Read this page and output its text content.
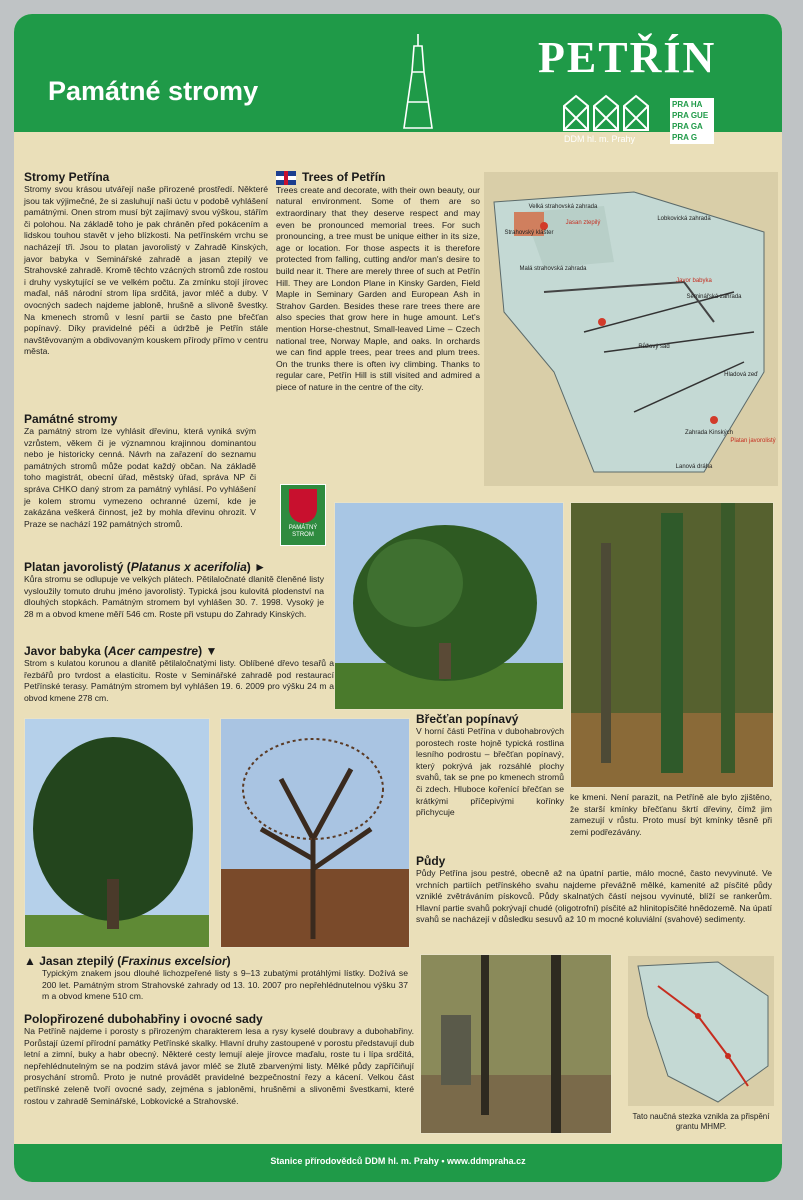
Památné stromy
PETŘÍN
DDM hl. m. Prahy
PRA HA
PRA GUE
PRA GA
PRA G
Stromy Petřína

Stromy svou krásou utvářejí naše přirozené prostředí. Některé jsou tak výjimečné, že si zasluhují naši úctu v podobě vyhlášení památnými. Onen strom musí být zajímavý svou výškou, stářím či polohou. Na základě toho je pak chráněn před pokácením a lidskou touhou stavět v jeho blízkosti. Na petřínském vrchu se nacházejí tři. Jsou to platan javorolistý v Zahradě Kinských, javor babyka v Seminářské zahradě a jasan ztepilý ve Strahovské zahradě. Kromě těchto vzácných stromů zde rostou i druhy vyskytující se ve velkém počtu. Za zmínku stojí jírovec maďal, náš národní strom lípa srdčitá, javor mléč a duby. V ovocných sadech najdeme jabloně, hrušně a slivoně švestky. Na kmenech stromů v lesní partii se často pne břečťan popínavý. Díky pravidelné péči a údržbě je Petřín stále navštěvovaným a obdivovaným kouskem přírody přímo v centru města.

Památné stromy

Za památný strom lze vyhlásit dřevinu, která vyniká svým vzrůstem, věkem či je významnou krajinnou dominantou nebo je historicky cenná. Návrh na zařazení do seznamu památných stromů může podat každý občan. Na základě toho magistrát, obecní úřad, městský úřad, správa NP či správa CHKO daný strom za památný vyhlásí. Po vyhlášení je kolem stromu vymezeno ochranné území, kde je zakázána veškerá činnost, jež by mohla dřevinu ohrozit. V Praze se nachází 192 památných stromů.	PAMÁTNÝ STROM
Trees of Petřín

Trees create and decorate, with their own beauty, our natural environment. Some of them are so extraordinary that they deserve respect and may even be pronounced memorial trees. For such pronouncing, a tree must be unique either in its size, age or location. For those aspects it is therefore protected from falling, cutting and/or man's desire to build near it. There are merely three of such at Petřín Hill. They are London Plane in Kinsky Garden, Field Maple in Seminary Garden and European Ash in Strahov Garden. Besides these rare trees there are also species that grow here in huge amount. Let's mention Horse-chestnut, Small-leaved Lime – Czech national tree, Norway Maple, and oaks. In orchards we can find apple trees, pear trees and plum trees. On the trunks there is often ivy climbing. Thanks to regular care, Petřín Hill is still visited and admired a piece of nature in the centre of the city.

Velká strahovská zahrada
Strahovský klášter
Lobkovická zahrada
Malá strahovská zahrada
Jasan ztepilý
Javor babyka
Seminářská zahrada
Růžový sad
Zahrada Kinských
Platan javorolistý
Hladová zeď
Lanová dráha
Tato naučná stezka vznikla za přispění grantu MHMP.
Platan javorolistý (Platanus x acerifolia) ►

Kůra stromu se odlupuje ve velkých plátech. Pětilaločnaté dlanitě členěné listy vysloužily tomuto druhu jméno javorolistý. Typická jsou kulovitá plodenství na dlouhých stopkách. Památným stromem byl vyhlášen 30. 7. 1998. Vysoký je 28 m a obvod kmene měří 546 cm. Roste při vstupu do Zahrady Kinských.

Javor babyka (Acer campestre) ▼

Strom s kulatou korunou a dlanitě pětilaločnatými listy. Oblíbené dřevo tesařů a řezbářů pro tvrdost a elasticitu. Roste v Seminářské zahradě pod restaurací Petřínské terasy. Památným stromem byl vyhlášen 19. 6. 2009 pro výšku 24 m a obvod kmene 278 cm.

Břečťan popínavý

V horní části Petřína v dubohabrových porostech roste hojně typická rostlina lesního podrostu – břečťan popínavý, který pokrývá jak rozsáhlé plochy svahů, tak se pne po kmenech stromů či zdech. Hluboce kořenící břečťan se krátkými příčepivými kořínky přichycuje

ke kmeni. Není parazit, na Petříně ale bylo zjištěno, že starší kmínky břečťanu škrtí dřeviny, čímž jim zamezují v růstu. Proto musí být kmínky těsně při zemi podřezávány.

Půdy

Půdy Petřína jsou pestré, obecně až na úpatní partie, málo mocné, často nevyvinuté. Ve vrchních partiích petřínského svahu najdeme převážně mělké, kamenité až písčité půdy vzniklé zvětráváním pískovců. Půdy skalnatých částí nejsou vyvinuté, blíží se rankerům. Hlavní partie svahů pokrývají chudé (oligotrofní) písčité až hlinitopísčité hnědozemě. Na úpatí svahů se nacházejí v důsledku sesuvů až 10 m mocné koluviální (svahové) sedimenty.

▲ Jasan ztepilý (Fraxinus excelsior)

Typickým znakem jsou dlouhé lichozpeřené listy s 9–13 zubatými protáhlými lístky. Dožívá se 200 let. Památným strom Strahovské zahrady od 13. 10. 2007 pro nepřehlédnutelnou výšku 37 m a obvod kmene 510 cm.

Polopřirozené dubohabřiny i ovocné sady

Na Petříně najdeme i porosty s přirozeným charakterem lesa a rysy kyselé doubravy a dubohabřiny. Porůstají území přírodní památky Petřínské skalky. Hlavní druhy zastoupené v porostu představují dub letní a zimní, buky a habr obecný. Některé cesty lemují aleje jírovce maďalu, roste tu i lípa srdčitá, nepřehlédnutelným se na podzim stává javor mléč se žlutě zbarvenými listy. Mělké půdy zapříčiňují prosychání stromů. Proto je nutné provádět pravidelné bezpečnostní řezy a kácení. Velkou část petřínské zeleně tvoří ovocné sady, zejména s jabloněmi, hrušněmi a slivoněmi švestkami, které rostou v zahradě Seminářské, Lobkovické a Strahovské.

Stanice přírodovědců DDM hl. m. Prahy • www.ddmpraha.cz
